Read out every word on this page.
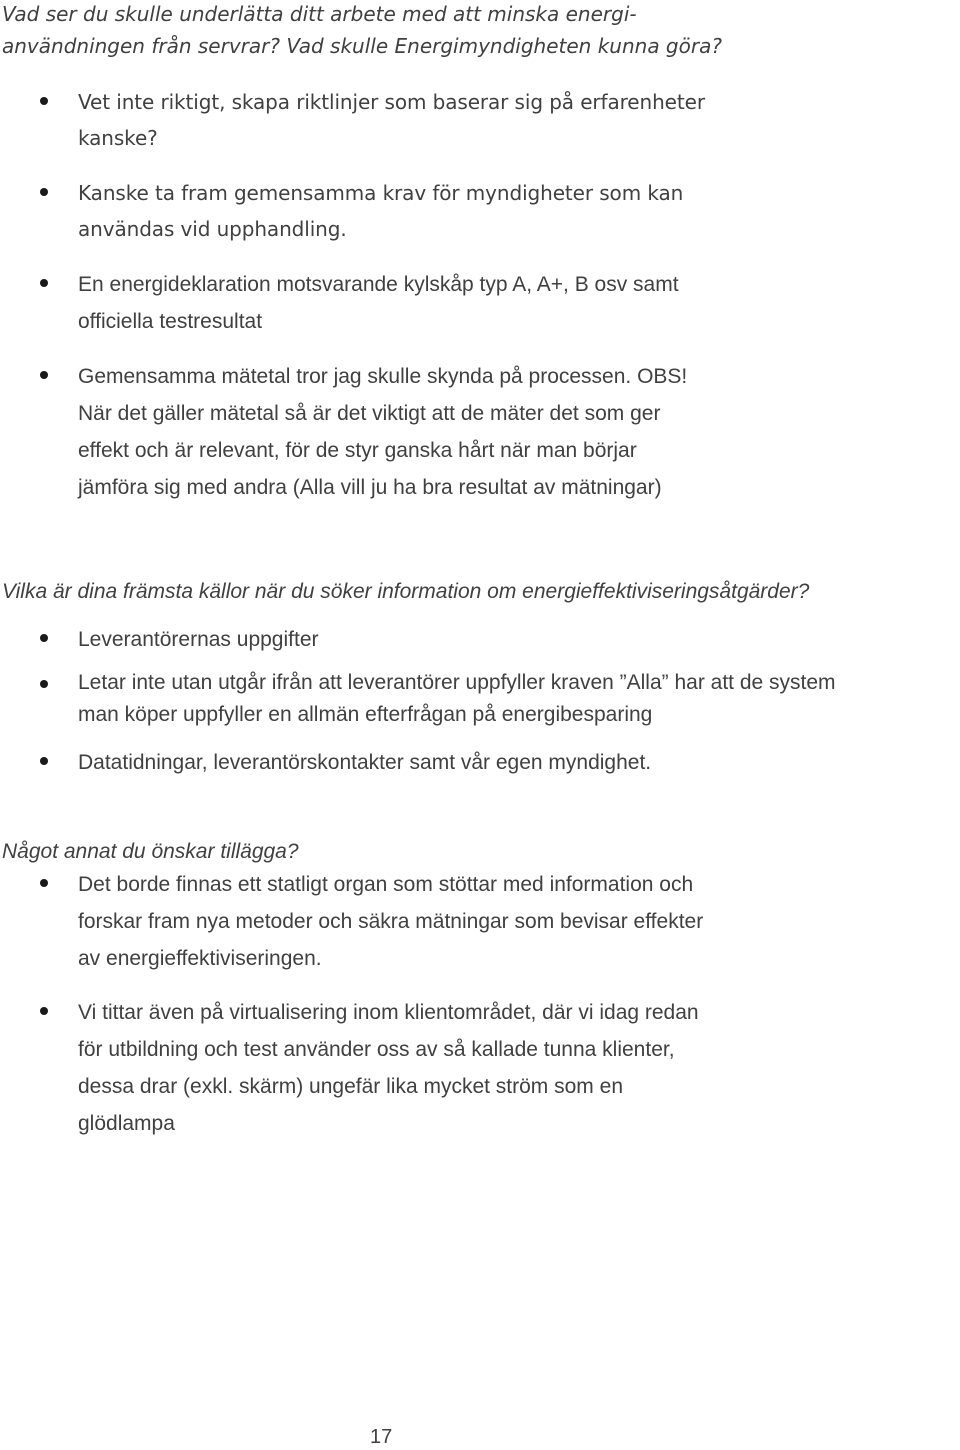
Vad ser du skulle underlätta ditt arbete med att minska energi-
användningen från servrar? Vad skulle Energimyndigheten kunna göra?
Vet inte riktigt, skapa riktlinjer som baserar sig på erfarenheter
kanske?
Kanske ta fram gemensamma krav för myndigheter som kan
användas vid upphandling.
En energideklaration motsvarande kylskåp typ A, A+, B osv samt
officiella testresultat
Gemensamma mätetal tror jag skulle skynda på processen. OBS!
När det gäller mätetal så är det viktigt att de mäter det som ger
effekt och är relevant, för de styr ganska hårt när man börjar
jämföra sig med andra (Alla vill ju ha bra resultat av mätningar)
Vilka är dina främsta källor när du söker information om energieffektiviseringsåtgärder?
Leverantörernas uppgifter
Letar inte utan utgår ifrån att leverantörer uppfyller kraven ”Alla” har att de system
man köper uppfyller en allmän efterfrågan på energibesparing
Datatidningar, leverantörskontakter samt vår egen myndighet.
Något annat du önskar tillägga?
Det borde finnas ett statligt organ som stöttar med information och
forskar fram nya metoder och säkra mätningar som bevisar effekter
av energieffektiviseringen.
Vi tittar även på virtualisering inom klientområdet, där vi idag redan
för utbildning och test använder oss av så kallade tunna klienter,
dessa drar (exkl. skärm) ungefär lika mycket ström som en
glödlampa
17
